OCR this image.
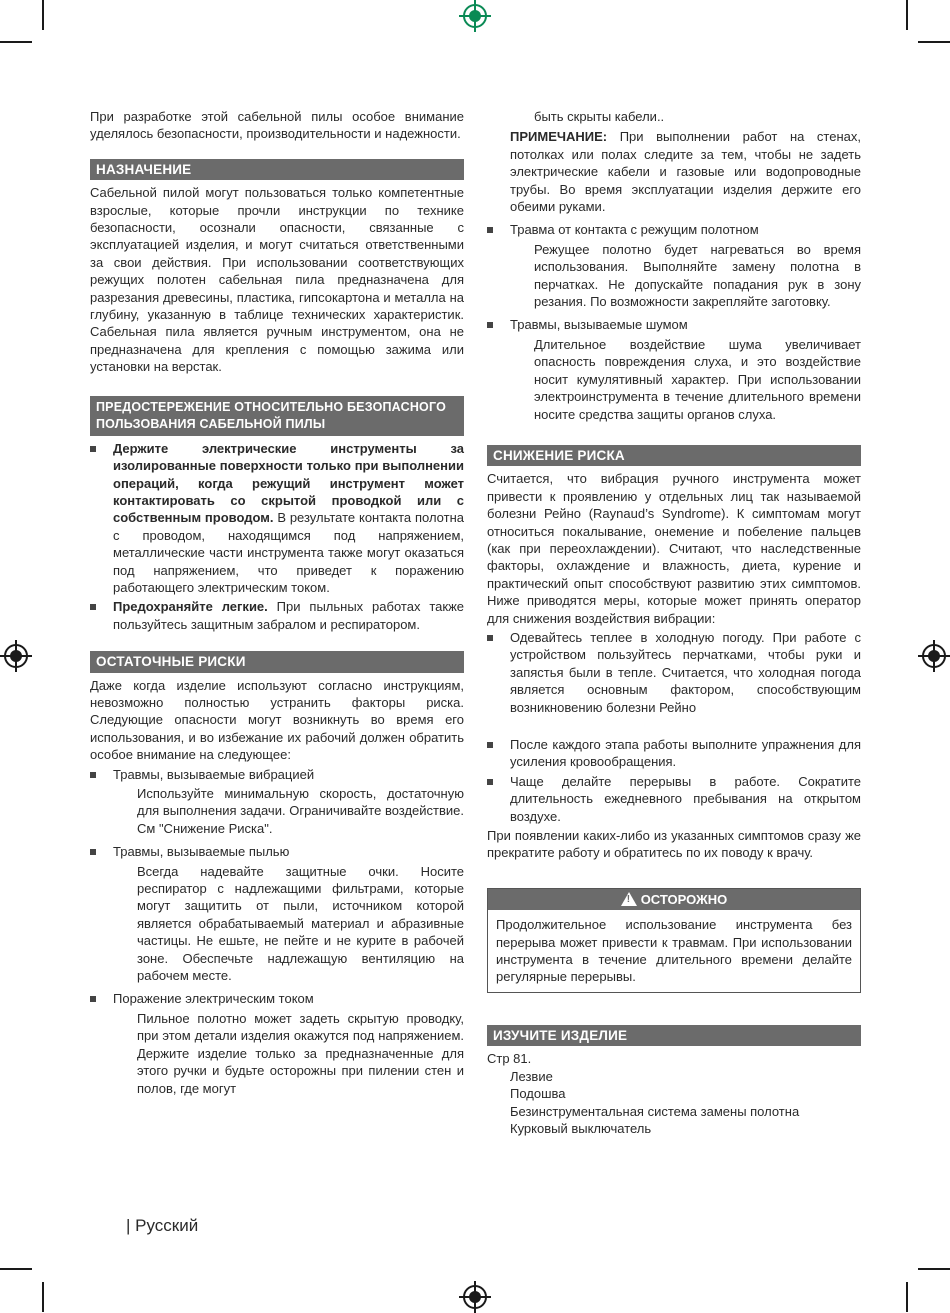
При разработке этой сабельной пилы особое внимание уделялось безопасности, производительности и надежности.

НАЗНАЧЕНИЕ

Сабельной пилой могут пользоваться только компетентные взрослые, которые прочли инструкции по технике безопасности, осознали опасности, связанные с эксплуатацией изделия, и могут считаться ответственными за свои действия. При использовании соответствующих режущих полотен сабельная пила предназначена для разрезания древесины, пластика, гипсокартона и металла на глубину, указанную в таблице технических характеристик. Сабельная пила является ручным инструментом, она не предназначена для крепления с помощью зажима или установки на верстак.

ПРЕДОСТЕРЕЖЕНИЕ ОТНОСИТЕЛЬНО БЕЗОПАСНОГО
ПОЛЬЗОВАНИЯ САБЕЛЬНОЙ ПИЛЫ
Держите электрические инструменты за изолированные поверхности только при выполнении операций, когда режущий инструмент может контактировать со скрытой проводкой или с собственным проводом. В результате контакта полотна с проводом, находящимся под напряжением, металлические части инструмента также могут оказаться под напряжением, что приведет к поражению работающего электрическим током.
Предохраняйте легкие. При пыльных работах также пользуйтесь защитным забралом и респиратором.
ОСТАТОЧНЫЕ РИСКИ

Даже когда изделие используют согласно инструкциям, невозможно полностью устранить факторы риска. Следующие опасности могут возникнуть во время его использования, и во избежание их рабочий должен обратить особое внимание на следующее:

Травмы, вызываемые вибрацией

Используйте минимальную скорость, достаточную для выполнения задачи. Ограничивайте воздействие. См "Снижение Риска".

Травмы, вызываемые пылью

Всегда надевайте защитные очки. Носите респиратор с надлежащими фильтрами, которые могут защитить от пыли, источником которой является обрабатываемый материал и абразивные частицы. Не ешьте, не пейте и не курите в рабочей зоне. Обеспечьте надлежащую вентиляцию на рабочем месте.

Поражение электрическим током

Пильное полотно может задеть скрытую проводку, при этом детали изделия окажутся под напряжением. Держите изделие только за предназначенные для этого ручки и будьте осторожны при пилении стен и полов, где могут

быть скрыты кабели..

ПРИМЕЧАНИЕ: При выполнении работ на стенах, потолках или полах следите за тем, чтобы не задеть электрические кабели и газовые или водопроводные трубы. Во время эксплуатации изделия держите его обеими руками.

Травма от контакта с режущим полотном

Режущее полотно будет нагреваться во время использования. Выполняйте замену полотна в перчатках. Не допускайте попадания рук в зону резания. По возможности закрепляйте заготовку.

Травмы, вызываемые шумом

Длительное воздействие шума увеличивает опасность повреждения слуха, и это воздействие носит кумулятивный характер. При использовании электроинструмента в течение длительного времени носите средства защиты органов слуха.

СНИЖЕНИЕ РИСКА

Считается, что вибрация ручного инструмента может привести к проявлению у отдельных лиц так называемой болезни Рейно (Raynaud’s Syndrome). К симптомам могут относиться покалывание, онемение и побеление пальцев (как при переохлаждении). Считают, что наследственные факторы, охлаждение и влажность, диета, курение и практический опыт способствуют развитию этих симптомов. Ниже приводятся меры, которые может принять оператор для снижения воздействия вибрации:

Одевайтесь теплее в холодную погоду. При работе с устройством пользуйтесь перчатками, чтобы руки и запястья были в тепле. Считается, что холодная погода является основным фактором, способствующим возникновению болезни Рейно
После каждого этапа работы выполните упражнения для усиления кровообращения.
Чаще делайте перерывы в работе. Сократите длительность ежедневного пребывания на открытом воздухе.

При появлении каких-либо из указанных симптомов сразу же прекратите работу и обратитесь по их поводу к врачу.

! ОСТОРОЖНО
Продолжительное использование инструмента без перерыва может привести к травмам. При использовании инструмента в течение длительного времени делайте регулярные перерывы.
ИЗУЧИТЕ ИЗДЕЛИЕ
Стр 81.
Лезвие
Подошва
Безинструментальная система замены полотна
Курковый выключатель
| Русский
